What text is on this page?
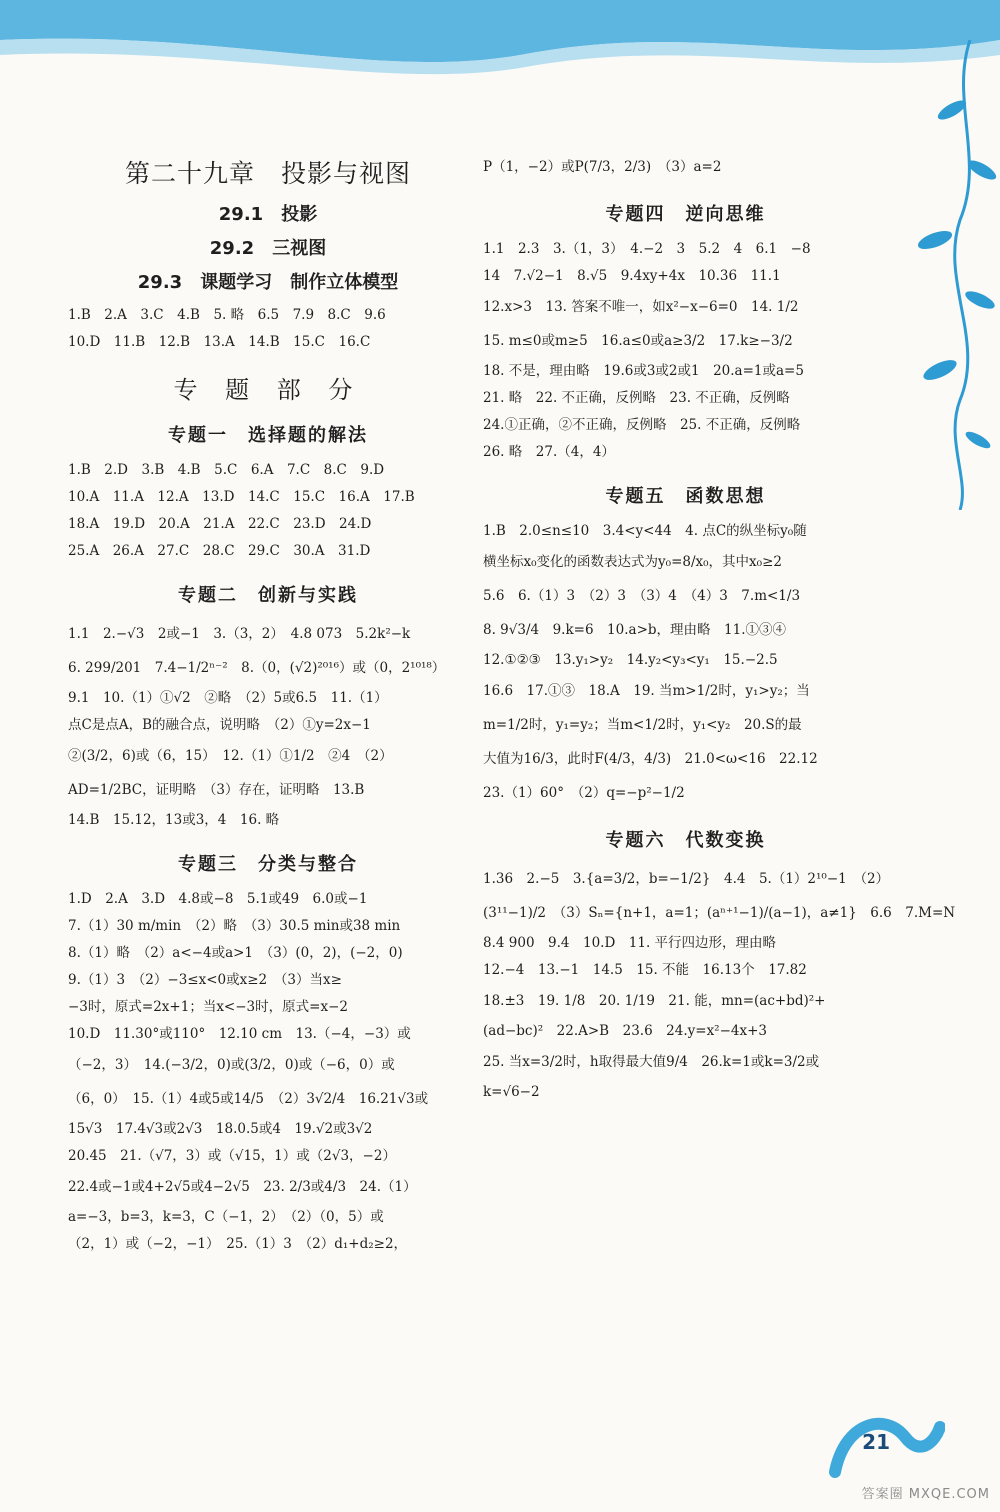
第二十九章　投影与视图
29.1　投影
29.2　三视图
29.3　课题学习　制作立体模型
1.B　2.A　3.C　4.B　5. 略　6.5　7.9　8.C　9.6
10.D　11.B　12.B　13.A　14.B　15.C　16.C
专 题 部 分
专题一　选择题的解法
1.B　2.D　3.B　4.B　5.C　6.A　7.C　8.C　9.D
10.A　11.A　12.A　13.D　14.C　15.C　16.A　17.B
18.A　19.D　20.A　21.A　22.C　23.D　24.D
25.A　26.A　27.C　28.C　29.C　30.A　31.D
专题二　创新与实践
1.1　2.−√3　2或−1　3.（3，2）　4.8 073　5.2k²−k
6. 299/201　7.4−1/2ⁿ⁻²　8.（0，(√2)²⁰¹⁶）或（0，2¹⁰¹⁸）
9.1　10.（1）①√2　②略　（2）5或6.5　11.（1）
点C是点A，B的融合点，说明略　（2）①y=2x−1
②(3/2，6)或（6，15）　12.（1）①1/2　②4　（2）
AD=1/2BC，证明略　（3）存在，证明略　13.B
14.B　15.12，13或3，4　16. 略
专题三　分类与整合
1.D　2.A　3.D　4.8或−8　5.1或49　6.0或−1
7.（1）30 m/min　（2）略　（3）30.5 min或38 min
8.（1）略　（2）a<−4或a>1　（3）(0，2)，(−2，0)
9.（1）3　（2）−3≤x<0或x≥2　（3）当x≥
−3时，原式=2x+1；当x<−3时，原式=x−2
10.D　11.30°或110°　12.10 cm　13.（−4，−3）或
（−2，3）　14.(−3/2，0)或(3/2，0)或（−6，0）或
（6，0）　15.（1）4或5或14/5　（2）3√2/4　16.21√3或
15√3　17.4√3或2√3　18.0.5或4　19.√2或3√2
20.45　21.（√7，3）或（√15，1）或（2√3，−2）
22.4或−1或4+2√5或4−2√5　23. 2/3或4/3　24.（1）
a=−3，b=3，k=3，C（−1，2）　（2）（0，5）或
（2，1）或（−2，−1）　25.（1）3　（2）d₁+d₂≥2，
P（1，−2）或P(7/3，2/3)　（3）a=2
专题四　逆向思维
1.1　2.3　3.（1，3）　4.−2　3　5.2　4　6.1　−8
14　7.√2−1　8.√5　9.4xy+4x　10.36　11.1
12.x>3　13. 答案不唯一，如x²−x−6=0　14. 1/2
15. m≤0或m≥5　16.a≤0或a≥3/2　17.k≥−3/2
18. 不是，理由略　19.6或3或2或1　20.a=1或a=5
21. 略　22. 不正确，反例略　23. 不正确，反例略
24.①正确，②不正确，反例略　25. 不正确，反例略
26. 略　27.（4，4）
专题五　函数思想
1.B　2.0≤n≤10　3.4<y<44　4. 点C的纵坐标y₀随
横坐标x₀变化的函数表达式为y₀=8/x₀，其中x₀≥2
5.6　6.（1）3　（2）3　（3）4　（4）3　7.m<1/3
8. 9√3/4　9.k=6　10.a>b，理由略　11.①③④
12.①②③　13.y₁>y₂　14.y₂<y₃<y₁　15.−2.5
16.6　17.①③　18.A　19. 当m>1/2时，y₁>y₂；当
m=1/2时，y₁=y₂；当m<1/2时，y₁<y₂　20.S的最
大值为16/3，此时F(4/3，4/3)　21.0<ω<16　22.12
23.（1）60°　（2）q=−p²−1/2
专题六　代数变换
1.36　2.−5　3.{a=3/2，b=−1/2}　4.4　5.（1）2¹⁰−1　（2）
(3¹¹−1)/2　（3）Sₙ={n+1，a=1；(aⁿ⁺¹−1)/(a−1)，a≠1}　6.6　7.M=N
8.4 900　9.4　10.D　11. 平行四边形，理由略
12.−4　13.−1　14.5　15. 不能　16.13个　17.82
18.±3　19. 1/8　20. 1/19　21. 能，mn=(ac+bd)²+
(ad−bc)²　22.A>B　23.6　24.y=x²−4x+3
25. 当x=3/2时，h取得最大值9/4　26.k=1或k=3/2或
k=√6−2
21
答案圈 MXQE.COM
